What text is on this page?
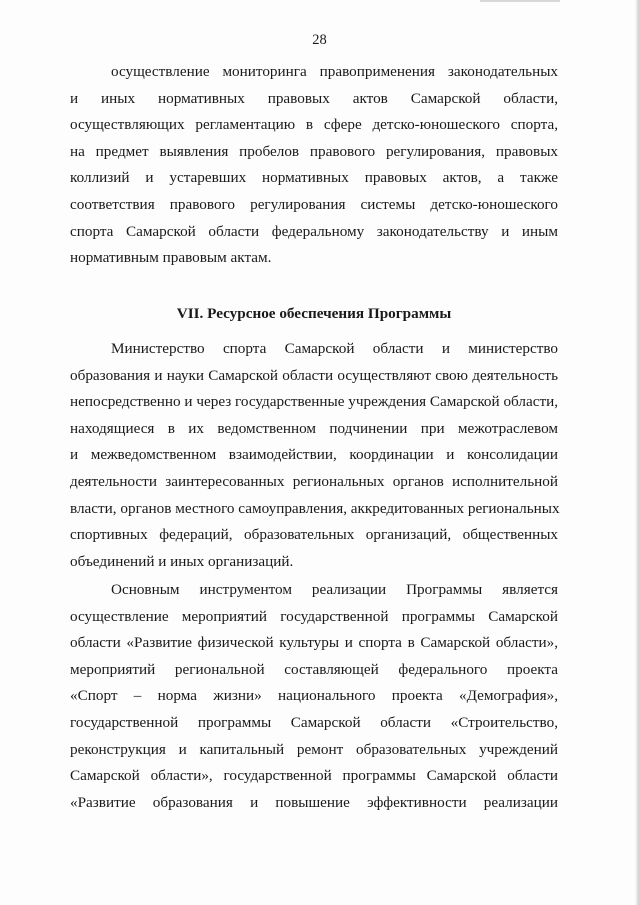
28

осуществление мониторинга правоприменения законодательных
и иных нормативных правовых актов Самарской области,
осуществляющих регламентацию в сфере детско-юношеского спорта,
на предмет выявления пробелов правового регулирования, правовых
коллизий и устаревших нормативных правовых актов, а также
соответствия правового регулирования системы детско-юношеского
спорта Самарской области федеральному законодательству и иным
нормативным правовым актам.

VII. Ресурсное обеспечения Программы

Министерство спорта Самарской области и министерство
образования и науки Самарской области осуществляют свою деятельность
непосредственно и через государственные учреждения Самарской области,
находящиеся в их ведомственном подчинении при межотраслевом
и межведомственном взаимодействии, координации и консолидации
деятельности заинтересованных региональных органов исполнительной
власти, органов местного самоуправления, аккредитованных региональных
спортивных федераций, образовательных организаций, общественных
объединений и иных организаций.

Основным инструментом реализации Программы является
осуществление мероприятий государственной программы Самарской
области «Развитие физической культуры и спорта в Самарской области»,
мероприятий региональной составляющей федерального проекта
«Спорт – норма жизни» национального проекта «Демография»,
государственной программы Самарской области «Строительство,
реконструкция и капитальный ремонт образовательных учреждений
Самарской области», государственной программы Самарской области
«Развитие образования и повышение эффективности реализации
